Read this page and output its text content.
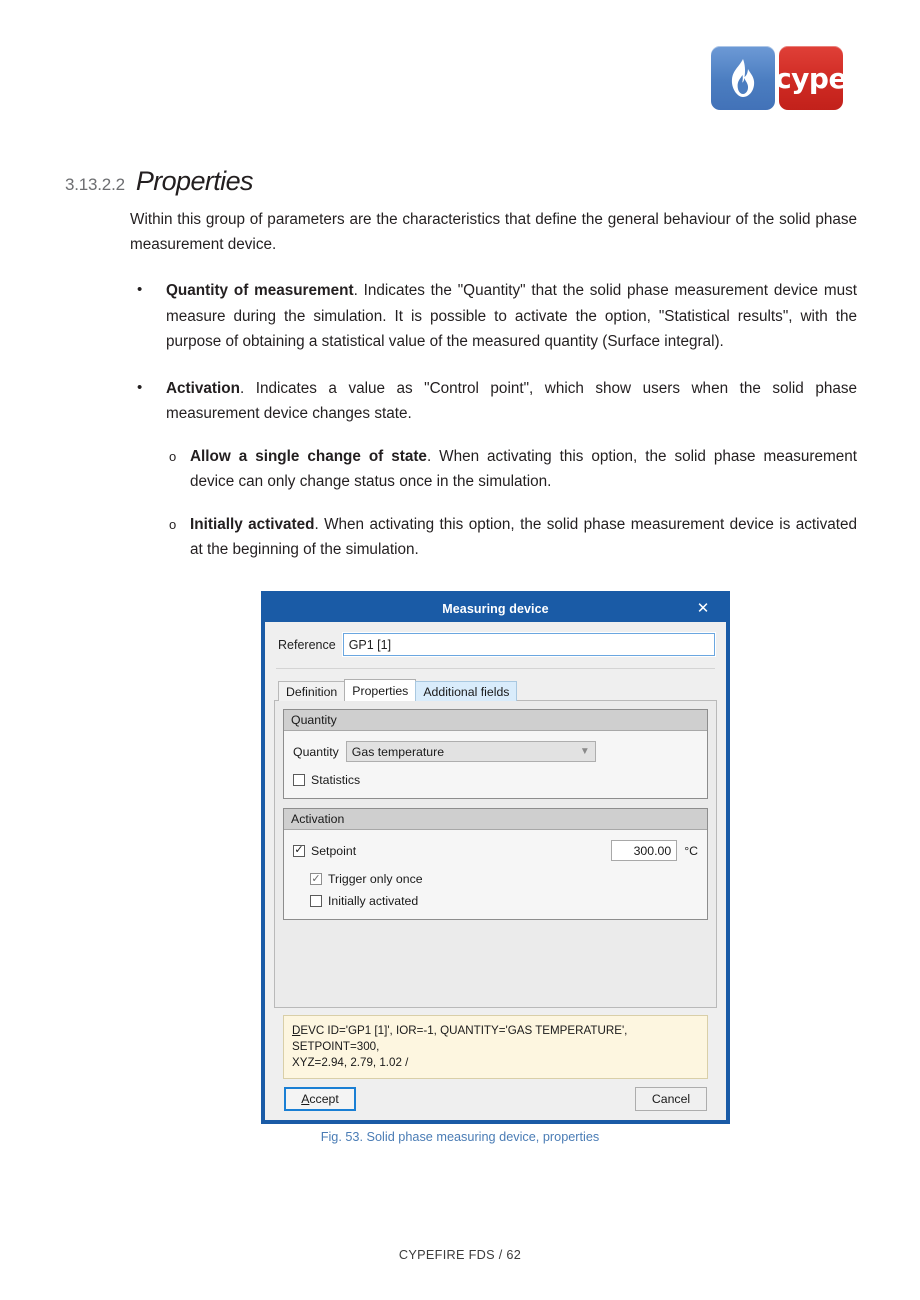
cype
3.13.2.2 Properties

Within this group of parameters are the characteristics that define the general behaviour of the solid phase measurement device.

• Quantity of measurement. Indicates the "Quantity" that the solid phase measurement device must measure during the simulation. It is possible to activate the option, "Statistical results", with the purpose of obtaining a statistical value of the measured quantity (Surface integral).
• Activation. Indicates a value as "Control point", which show users when the solid phase measurement device changes state.
o Allow a single change of state. When activating this option, the solid phase measurement device can only change status once in the simulation.
o Initially activated. When activating this option, the solid phase measurement device is activated at the beginning of the simulation.
Measuring device	✕
Reference GP1 [1]
Definition Properties Additional fields
Quantity
Quantity Gas temperature	▼
Statistics
Activation
✓ Setpoint	300.00 °C
✓ Trigger only once
Initially activated
DEVC ID='GP1 [1]', IOR=-1, QUANTITY='GAS TEMPERATURE', SETPOINT=300,
XYZ=2.94, 2.79, 1.02 /
A ccept	Cancel
Fig. 53. Solid phase measuring device, properties
CYPEFIRE FDS / 62
